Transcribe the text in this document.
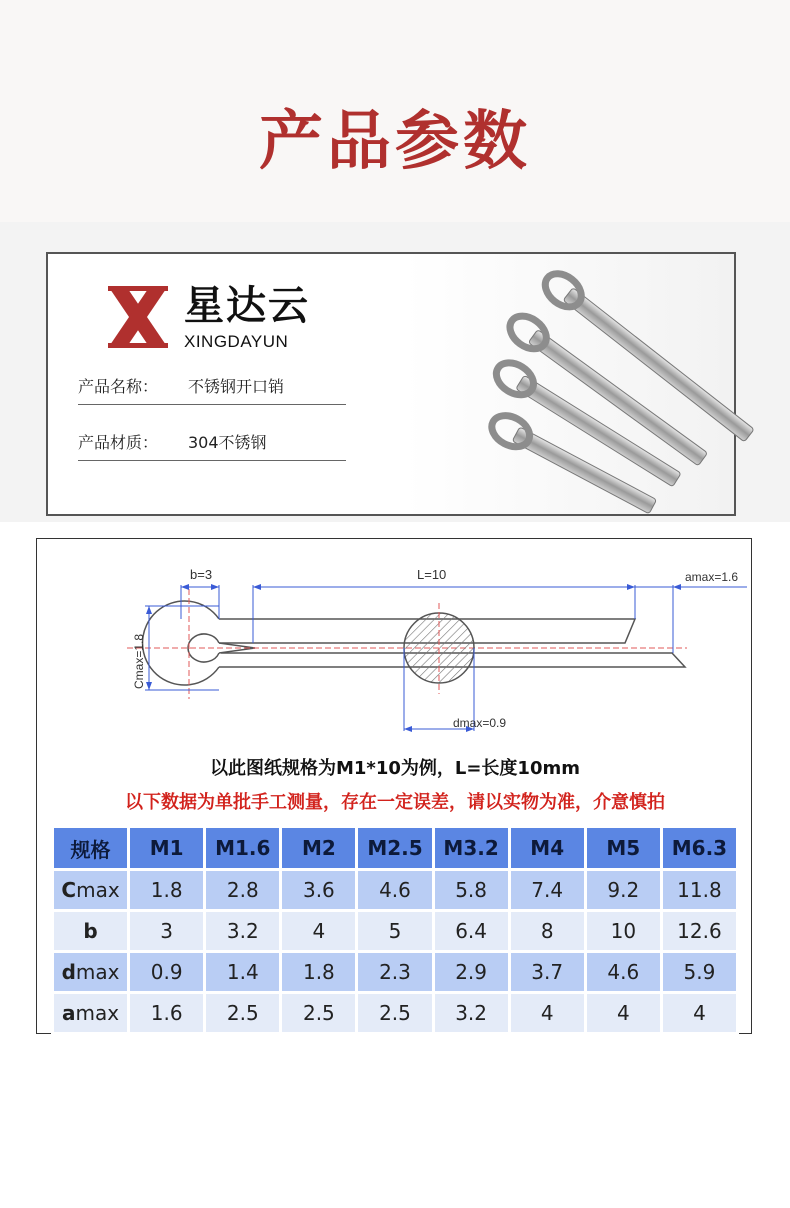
产品参数
星达云
XINGDAYUN
产品名称： 不锈钢开口销
产品材质： 304不锈钢
b=3	L=10	amax=1.6
Cmax=1.8
dmax=0.9
以此图纸规格为M1*10为例，L=长度10mm
以下数据为单批手工测量，存在一定误差，请以实物为准，介意慎拍
规格	M1	M1.6	M2	M2.5	M3.2	M4	M5	M6.3
Cmax	1.8	2.8	3.6	4.6	5.8	7.4	9.2	11.8
b	3	3.2	4	5	6.4	8	10	12.6
dmax	0.9	1.4	1.8	2.3	2.9	3.7	4.6	5.9
amax	1.6	2.5	2.5	2.5	3.2	4	4	4
